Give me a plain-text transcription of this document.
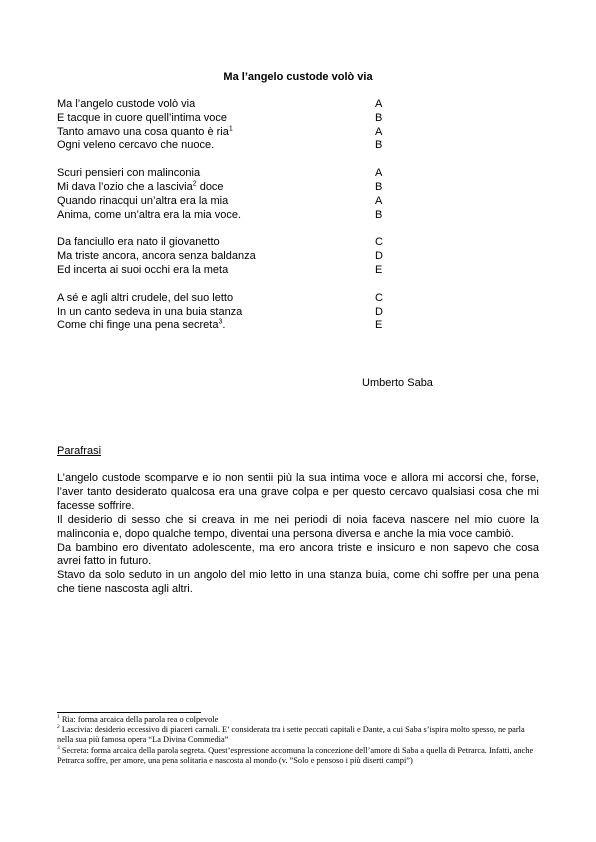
Ma l’angelo custode volò via
Ma l’angelo custode volò via	A
E tacque in cuore quell’intima voce	B
Tanto amavo una cosa quanto è ria$^1$	A
Ogni veleno cercavo che nuoce.	B
Scuri pensieri con malinconia	A
Mi dava l’ozio che a lascivia$^2$ doce	B
Quando rinacqui un’altra era la mia	A
Anima, come un’altra era la mia voce.	B
Da fanciullo era nato il giovanetto	C
Ma triste ancora, ancora senza baldanza	D
Ed incerta ai suoi occhi era la meta	E
A sé e agli altri crudele, del suo letto	C
In un canto sedeva in una buia stanza	D
Come chi finge una pena secreta$^3$.	E
Umberto Saba
Parafrasi

L’angelo custode scomparve e io non sentii più la sua intima voce e allora mi accorsi che, forse, l’aver tanto desiderato qualcosa era una grave colpa e per questo cercavo qualsiasi cosa che mi facesse soffrire.

Il desiderio di sesso che si creava in me nei periodi di noia faceva nascere nel mio cuore la malinconia e, dopo qualche tempo, diventai una persona diversa e anche la mia voce cambiò.

Da bambino ero diventato adolescente, ma ero ancora triste e insicuro e non sapevo che cosa avrei fatto in futuro.

Stavo da solo seduto in un angolo del mio letto in una stanza buia, come chi soffre per una pena che tiene nascosta agli altri.

$^1$ Ria: forma arcaica della parola rea o colpevole

$^2$ Lascivia: desiderio eccessivo di piaceri carnali. E’ considerata tra i sette peccati capitali e Dante, a cui Saba s’ispira molto spesso, ne parla nella sua più famosa opera “La Divina Commedia”

$^3$ Secreta: forma arcaica della parola segreta. Quest’espressione accomuna la concezione dell’amore di Saba a quella di Petrarca. Infatti, anche Petrarca soffre, per amore, una pena solitaria e nascosta al mondo (v. ”Solo e pensoso i più diserti campi”)
